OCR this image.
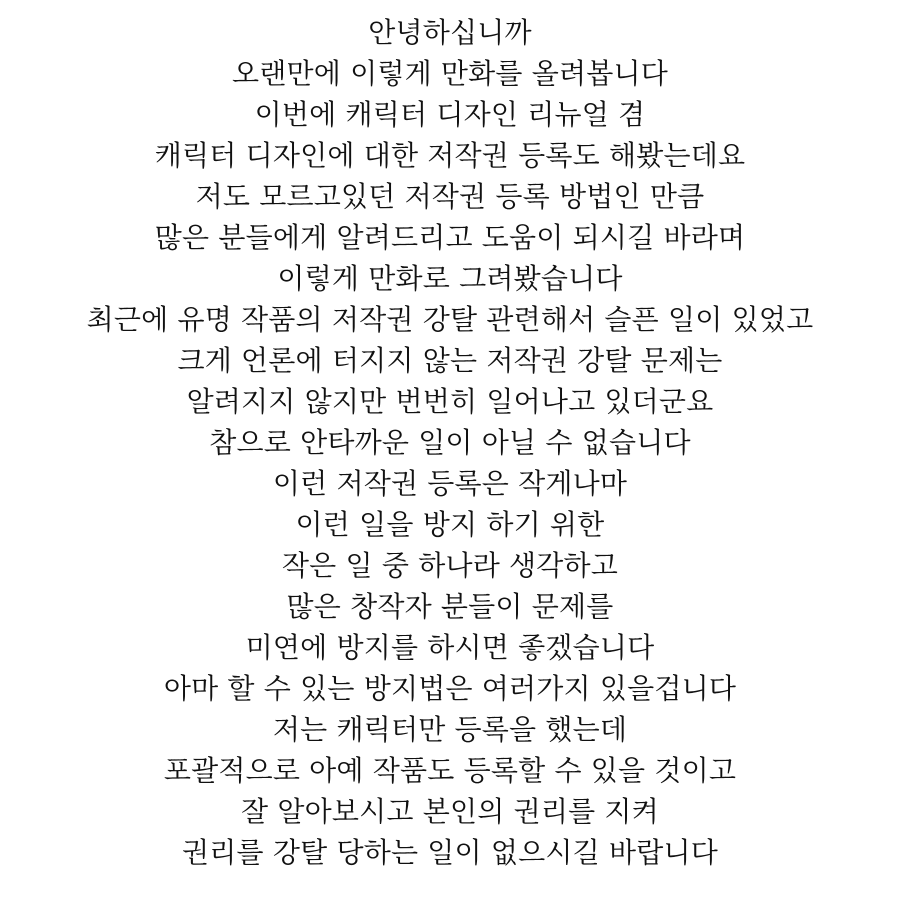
안녕하십니까
오랜만에 이렇게 만화를 올려봅니다
이번에 캐릭터 디자인 리뉴얼 겸
캐릭터 디자인에 대한 저작권 등록도 해봤는데요
저도 모르고있던 저작권 등록 방법인 만큼
많은 분들에게 알려드리고 도움이 되시길 바라며
이렇게 만화로 그려봤습니다
최근에 유명 작품의 저작권 강탈 관련해서 슬픈 일이 있었고
크게 언론에 터지지 않는 저작권 강탈 문제는
알려지지 않지만 번번히 일어나고 있더군요
참으로 안타까운 일이 아닐 수 없습니다
이런 저작권 등록은 작게나마
이런 일을 방지 하기 위한
작은 일 중 하나라 생각하고
많은 창작자 분들이 문제를
미연에 방지를 하시면 좋겠습니다
아마 할 수 있는 방지법은 여러가지 있을겁니다
저는 캐릭터만 등록을 했는데
포괄적으로 아예 작품도 등록할 수 있을 것이고
잘 알아보시고 본인의 권리를 지켜
권리를 강탈 당하는 일이 없으시길 바랍니다
